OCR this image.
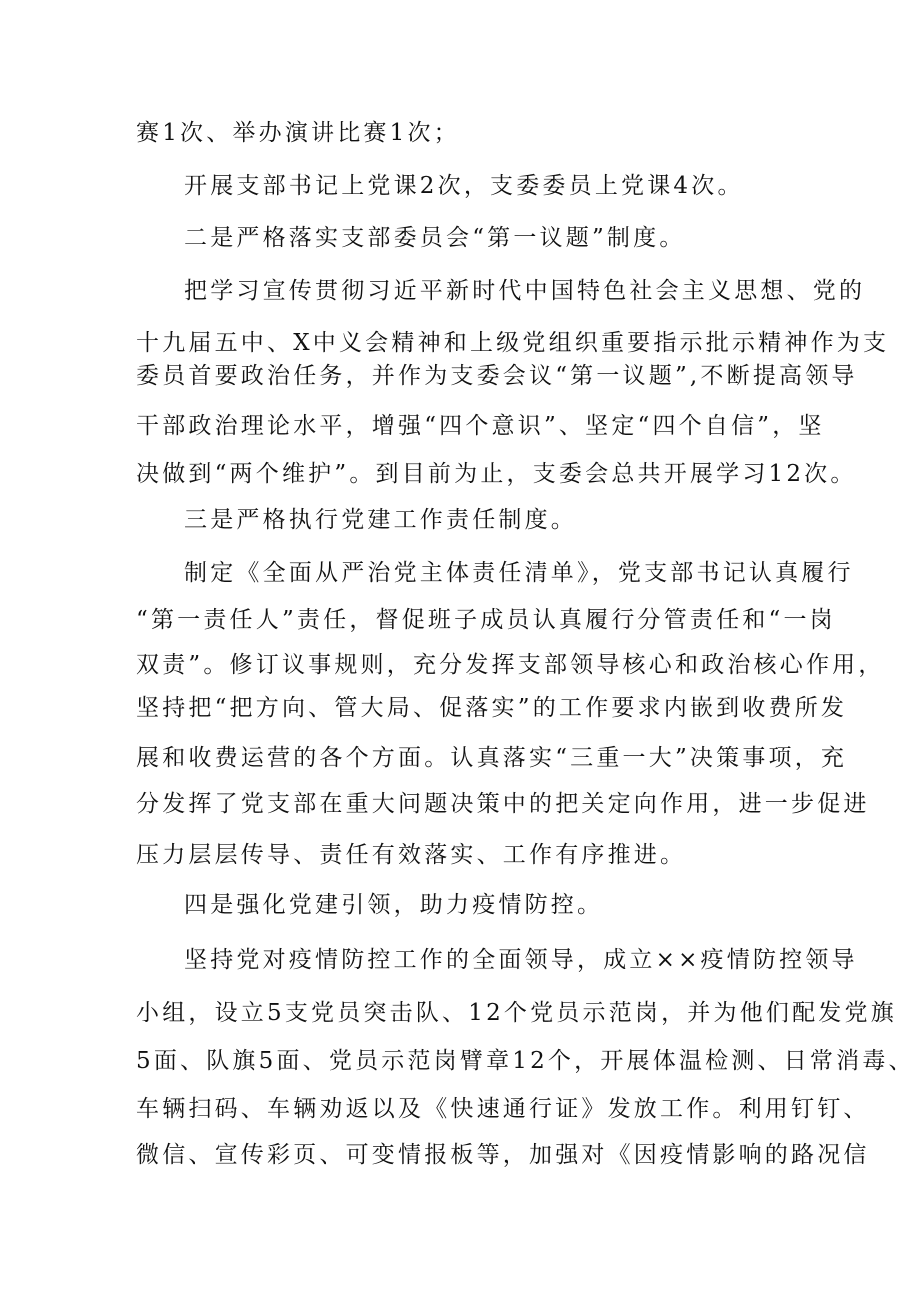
赛1次、举办演讲比赛1次；
开展支部书记上党课2次，支委委员上党课4次。
二是严格落实支部委员会“第一议题”制度。
把学习宣传贯彻习近平新时代中国特色社会主义思想、党的
十九届五中、X中义会精神和上级党组织重要指示批示精神作为支
委员首要政治任务，并作为支委会议“第一议题”,不断提高领导
干部政治理论水平，增强“四个意识”、坚定“四个自信”，坚
决做到“两个维护”。到目前为止，支委会总共开展学习12次。
三是严格执行党建工作责任制度。
制定《全面从严治党主体责任清单》，党支部书记认真履行
“第一责任人”责任，督促班子成员认真履行分管责任和“一岗
双责”。修订议事规则，充分发挥支部领导核心和政治核心作用，
坚持把“把方向、管大局、促落实”的工作要求内嵌到收费所发
展和收费运营的各个方面。认真落实“三重一大”决策事项，充
分发挥了党支部在重大问题决策中的把关定向作用，进一步促进
压力层层传导、责任有效落实、工作有序推进。
四是强化党建引领，助力疫情防控。
坚持党对疫情防控工作的全面领导，成立××疫情防控领导
小组，设立5支党员突击队、12个党员示范岗，并为他们配发党旗
5面、队旗5面、党员示范岗臂章12个，开展体温检测、日常消毒、
车辆扫码、车辆劝返以及《快速通行证》发放工作。利用钉钉、
微信、宣传彩页、可变情报板等，加强对《因疫情影响的路况信
